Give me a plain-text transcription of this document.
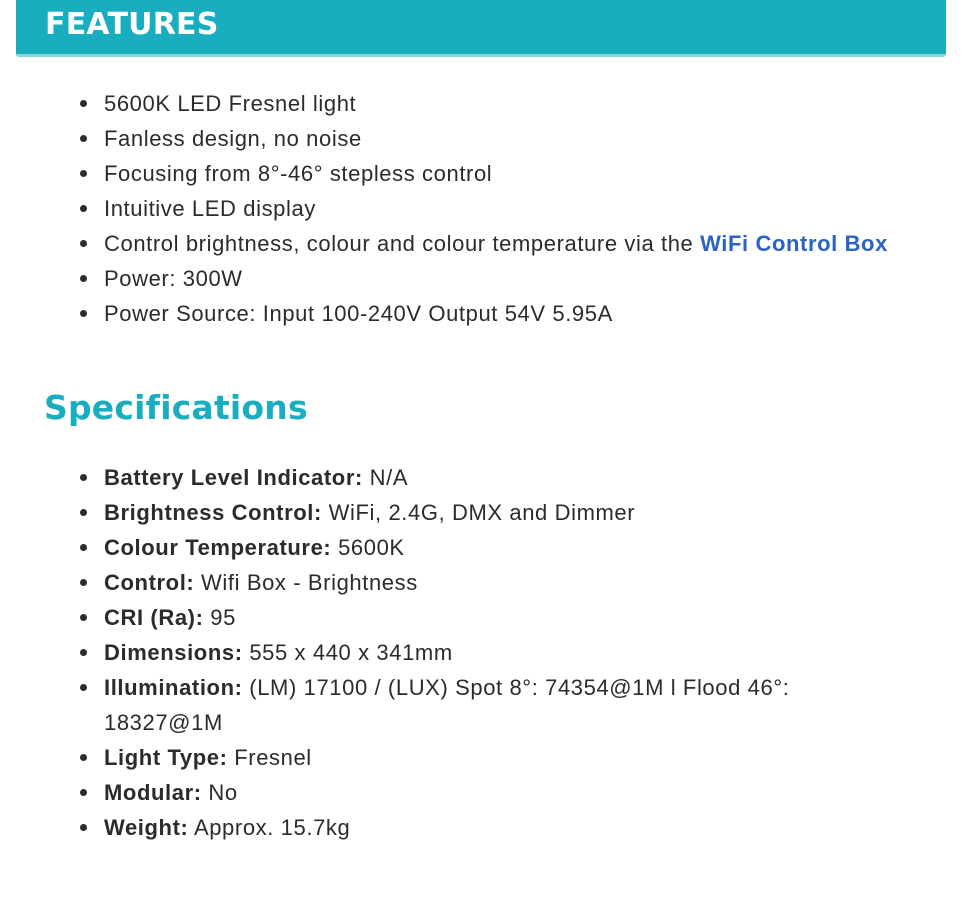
FEATURES
5600K LED Fresnel light
Fanless design, no noise
Focusing from 8°-46° stepless control
Intuitive LED display
Control brightness, colour and colour temperature via the WiFi Control Box
Power: 300W
Power Source: Input 100-240V Output 54V 5.95A
Specifications
Battery Level Indicator: N/A
Brightness Control: WiFi, 2.4G, DMX and Dimmer
Colour Temperature: 5600K
Control: Wifi Box - Brightness
CRI (Ra): 95
Dimensions: 555 x 440 x 341mm
Illumination: (LM) 17100 / (LUX) Spot 8°: 74354@1M l Flood 46°: 18327@1M
Light Type: Fresnel
Modular: No
Weight: Approx. 15.7kg
